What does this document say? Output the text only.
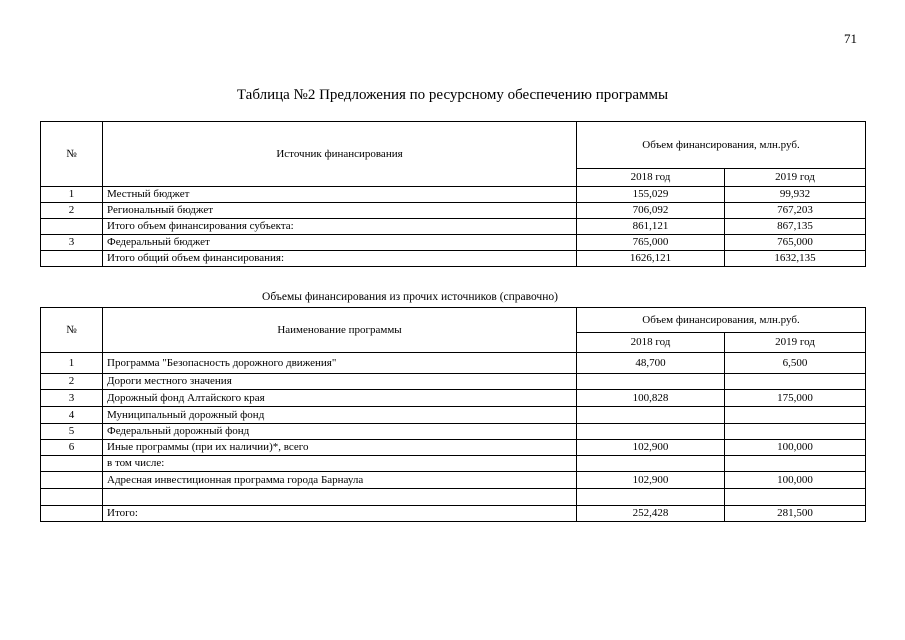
71
Таблица №2 Предложения по ресурсному обеспечению программы
№	Источник финансирования	Объем финансирования, млн.руб.	
		2018 год	2019 год
1	Местный бюджет	155,029	99,932
2	Региональный бюджет	706,092	767,203
	Итого объем финансирования субъекта:	861,121	867,135
3	Федеральный бюджет	765,000	765,000
	Итого общий объем финансирования:	1626,121	1632,135
Объемы финансирования из прочих источников (справочно)
№	Наименование программы	Объем финансирования, млн.руб.	
		2018 год	2019 год
1	Программа "Безопасность дорожного движения"	48,700	6,500
2	Дороги местного значения		
3	Дорожный фонд Алтайского края	100,828	175,000
4	Муниципальный дорожный фонд		
5	Федеральный дорожный фонд		
6	Иные программы (при их наличии)*, всего	102,900	100,000
	в том числе:		
	Адресная инвестиционная программа города Барнаула	102,900	100,000

	Итого:	252,428	281,500
